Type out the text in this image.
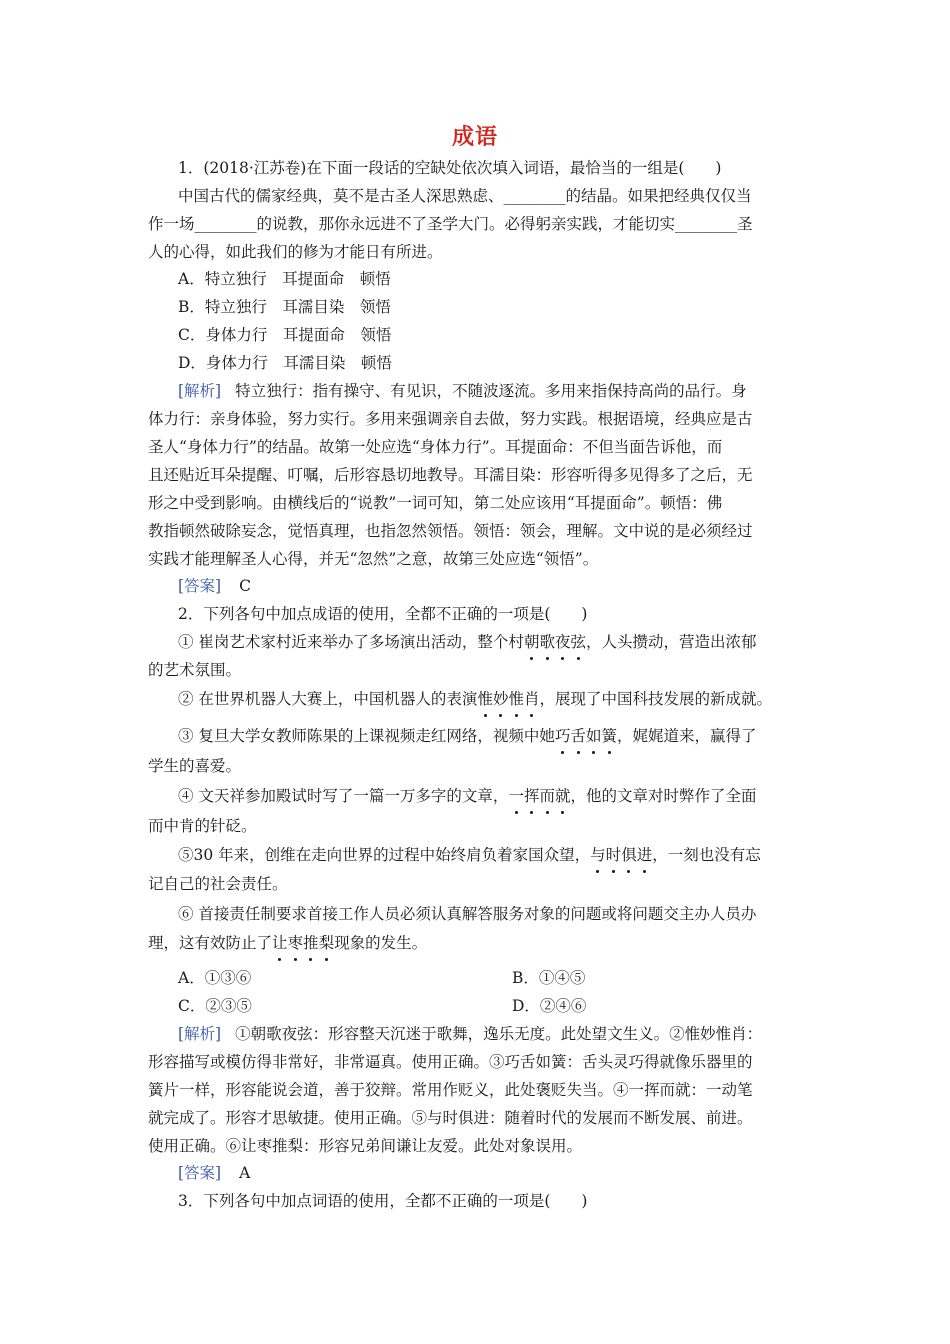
成语
1．(2018·江苏卷)在下面一段话的空缺处依次填入词语，最恰当的一组是(　　)
中国古代的儒家经典，莫不是古圣人深思熟虑、________的结晶。如果把经典仅仅当
作一场________的说教，那你永远进不了圣学大门。必得躬亲实践，才能切实________圣
人的心得，如此我们的修为才能日有所进。
A．特立独行　耳提面命　顿悟
B．特立独行　耳濡目染　领悟
C．身体力行　耳提面命　领悟
D．身体力行　耳濡目染　顿悟
[解析] 特立独行：指有操守、有见识，不随波逐流。多用来指保持高尚的品行。身
体力行：亲身体验，努力实行。多用来强调亲自去做，努力实践。根据语境，经典应是古
圣人“身体力行”的结晶。故第一处应选“身体力行”。耳提面命：不但当面告诉他，而
且还贴近耳朵提醒、叮嘱，后形容恳切地教导。耳濡目染：形容听得多见得多了之后，无
形之中受到影响。由横线后的“说教”一词可知，第二处应该用“耳提面命”。顿悟：佛
教指顿然破除妄念，觉悟真理，也指忽然领悟。领悟：领会，理解。文中说的是必须经过
实践才能理解圣人心得，并无“忽然”之意，故第三处应选“领悟”。
[答案] C
2．下列各句中加点成语的使用，全都不正确的一项是(　　)
① 崔岗艺术家村近来举办了多场演出活动，整个村朝歌夜弦，人头攒动，营造出浓郁
的艺术氛围。
② 在世界机器人大赛上，中国机器人的表演惟妙惟肖，展现了中国科技发展的新成就。
③ 复旦大学女教师陈果的上课视频走红网络，视频中她巧舌如簧，娓娓道来，赢得了
学生的喜爱。
④ 文天祥参加殿试时写了一篇一万多字的文章，一挥而就，他的文章对时弊作了全面
而中肯的针砭。
⑤30 年来，创维在走向世界的过程中始终肩负着家国众望，与时俱进，一刻也没有忘
记自己的社会责任。
⑥ 首接责任制要求首接工作人员必须认真解答服务对象的问题或将问题交主办人员办
理，这有效防止了让枣推梨现象的发生。
A．①③⑥	B．①④⑤
C．②③⑤	D．②④⑥
[解析] ①朝歌夜弦：形容整天沉迷于歌舞，逸乐无度。此处望文生义。②惟妙惟肖：
形容描写或模仿得非常好，非常逼真。使用正确。③巧舌如簧：舌头灵巧得就像乐器里的
簧片一样，形容能说会道，善于狡辩。常用作贬义，此处褒贬失当。④一挥而就：一动笔
就完成了。形容才思敏捷。使用正确。⑤与时俱进：随着时代的发展而不断发展、前进。
使用正确。⑥让枣推梨：形容兄弟间谦让友爱。此处对象误用。
[答案] A
3．下列各句中加点词语的使用，全都不正确的一项是(　　)
